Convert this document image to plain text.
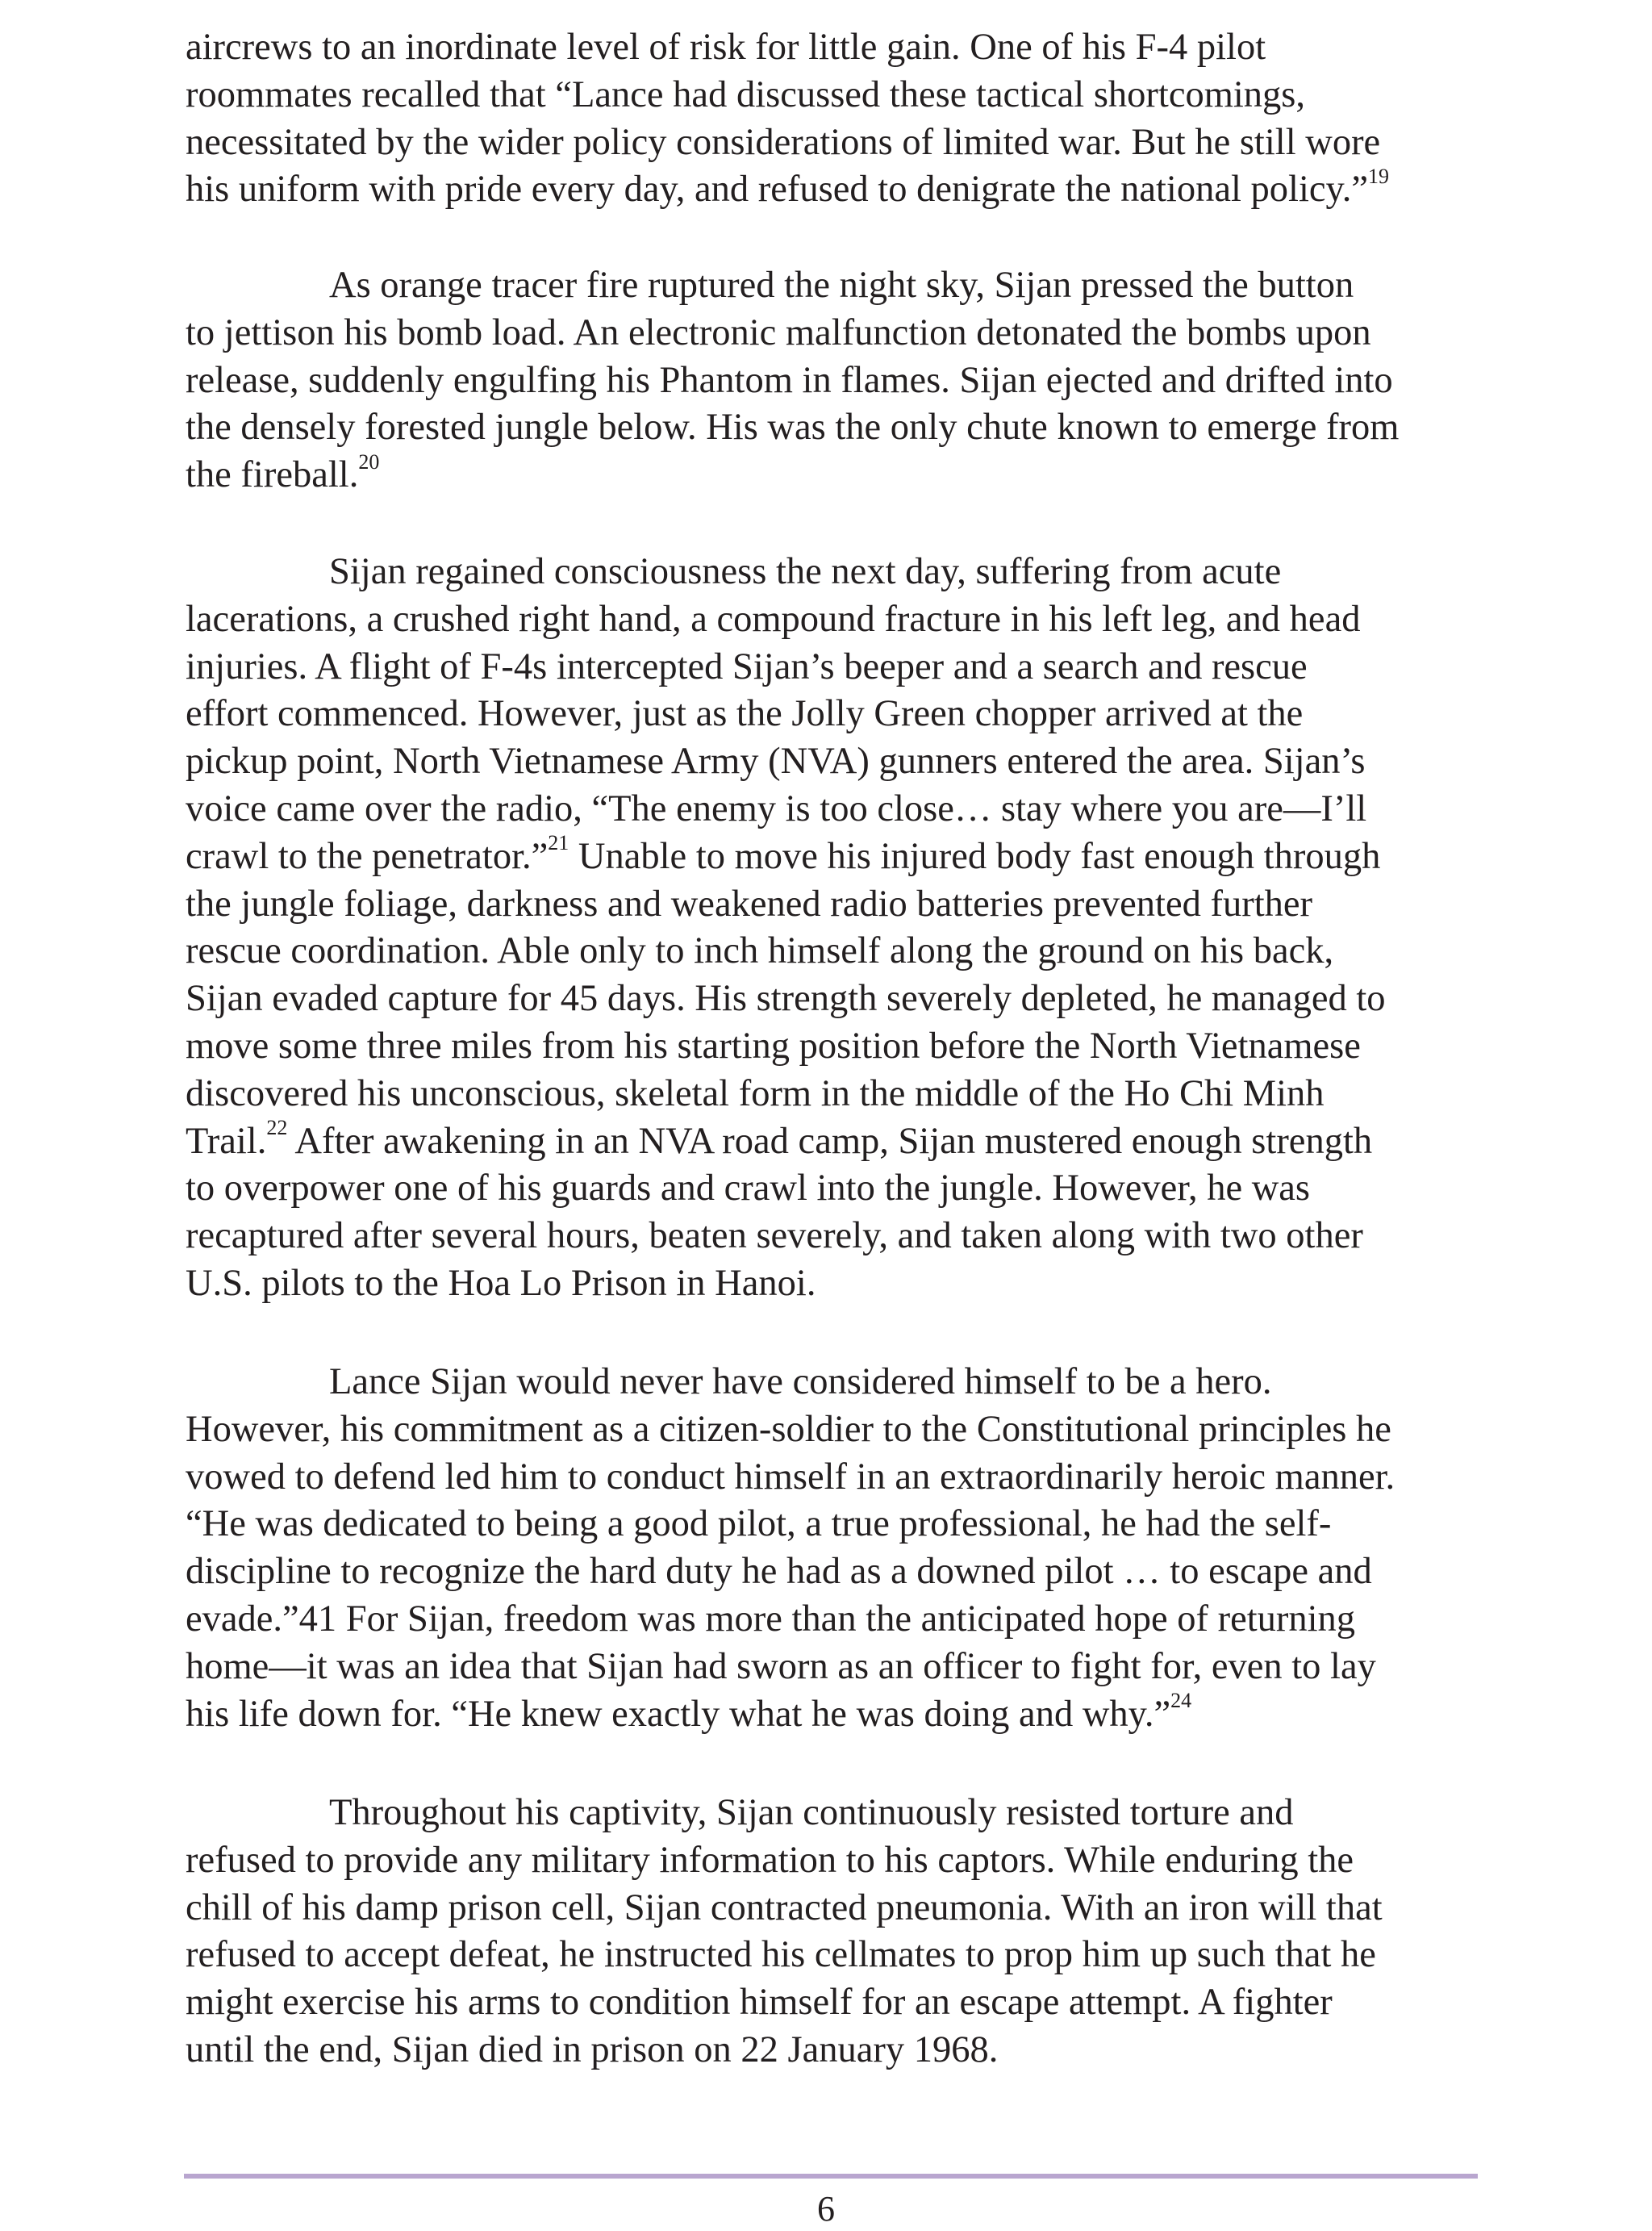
aircrews to an inordinate level of risk for little gain. One of his F-4 pilot
roommates recalled that “Lance had discussed these tactical shortcomings,
necessitated by the wider policy considerations of limited war. But he still wore
his uniform with pride every day, and refused to denigrate the national policy.”$^{19}$
As orange tracer fire ruptured the night sky, Sijan pressed the button
to jettison his bomb load. An electronic malfunction detonated the bombs upon
release, suddenly engulfing his Phantom in flames. Sijan ejected and drifted into
the densely forested jungle below. His was the only chute known to emerge from
the fireball.$^{20}$
Sijan regained consciousness the next day, suffering from acute
lacerations, a crushed right hand, a compound fracture in his left leg, and head
injuries. A flight of F-4s intercepted Sijan’s beeper and a search and rescue
effort commenced. However, just as the Jolly Green chopper arrived at the
pickup point, North Vietnamese Army (NVA) gunners entered the area. Sijan’s
voice came over the radio, “The enemy is too close… stay where you are—I’ll
crawl to the penetrator.”$^{21}$ Unable to move his injured body fast enough through
the jungle foliage, darkness and weakened radio batteries prevented further
rescue coordination. Able only to inch himself along the ground on his back,
Sijan evaded capture for 45 days. His strength severely depleted, he managed to
move some three miles from his starting position before the North Vietnamese
discovered his unconscious, skeletal form in the middle of the Ho Chi Minh
Trail.$^{22}$ After awakening in an NVA road camp, Sijan mustered enough strength
to overpower one of his guards and crawl into the jungle. However, he was
recaptured after several hours, beaten severely, and taken along with two other
U.S. pilots to the Hoa Lo Prison in Hanoi.
Lance Sijan would never have considered himself to be a hero.
However, his commitment as a citizen-soldier to the Constitutional principles he
vowed to defend led him to conduct himself in an extraordinarily heroic manner.
“He was dedicated to being a good pilot, a true professional, he had the self-
discipline to recognize the hard duty he had as a downed pilot … to escape and
evade.”41 For Sijan, freedom was more than the anticipated hope of returning
home—it was an idea that Sijan had sworn as an officer to fight for, even to lay
his life down for. “He knew exactly what he was doing and why.”$^{24}$
Throughout his captivity, Sijan continuously resisted torture and
refused to provide any military information to his captors. While enduring the
chill of his damp prison cell, Sijan contracted pneumonia. With an iron will that
refused to accept defeat, he instructed his cellmates to prop him up such that he
might exercise his arms to condition himself for an escape attempt. A fighter
until the end, Sijan died in prison on 22 January 1968.
6
